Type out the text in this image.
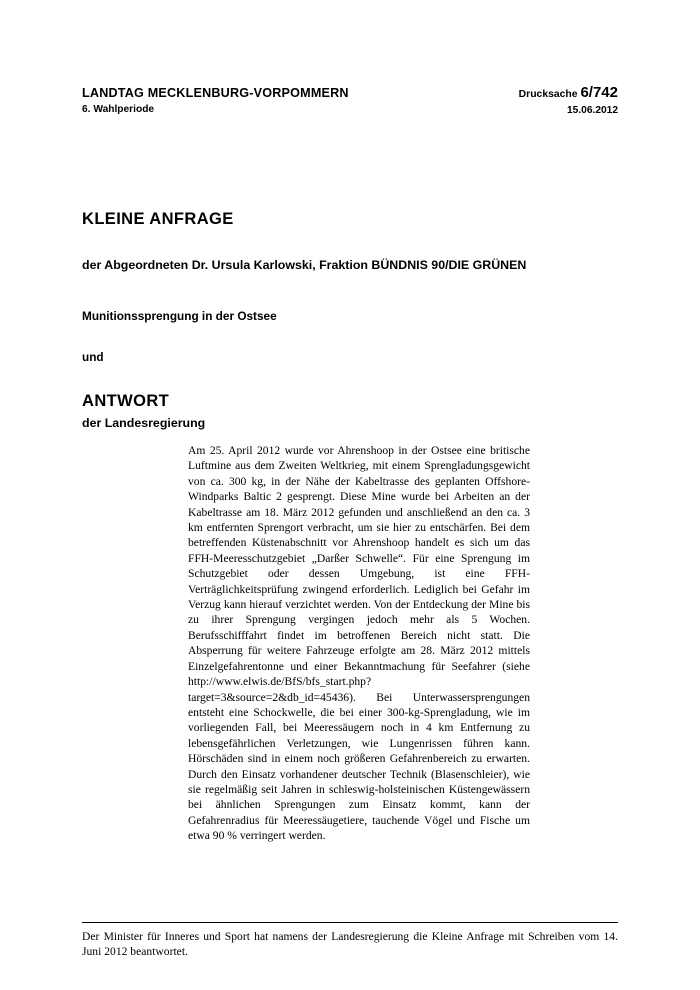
LANDTAG MECKLENBURG-VORPOMMERN
6. Wahlperiode
Drucksache 6/742
15.06.2012
KLEINE ANFRAGE
der Abgeordneten Dr. Ursula Karlowski, Fraktion BÜNDNIS 90/DIE GRÜNEN
Munitionssprengung in der Ostsee
und
ANTWORT
der Landesregierung
Am 25. April 2012 wurde vor Ahrenshoop in der Ostsee eine britische Luftmine aus dem Zweiten Weltkrieg, mit einem Sprengladungsgewicht von ca. 300 kg, in der Nähe der Kabeltrasse des geplanten Offshore-Windparks Baltic 2 gesprengt. Diese Mine wurde bei Arbeiten an der Kabeltrasse am 18. März 2012 gefunden und anschließend an den ca. 3 km entfernten Sprengort verbracht, um sie hier zu entschärfen. Bei dem betreffenden Küstenabschnitt vor Ahrenshoop handelt es sich um das FFH-Meeresschutzgebiet „Darßer Schwelle“. Für eine Sprengung im Schutzgebiet oder dessen Umgebung, ist eine FFH-Verträglichkeitsprüfung zwingend erforderlich. Lediglich bei Gefahr im Verzug kann hierauf verzichtet werden. Von der Entdeckung der Mine bis zu ihrer Sprengung vergingen jedoch mehr als 5 Wochen. Berufsschifffahrt findet im betroffenen Bereich nicht statt. Die Absperrung für weitere Fahrzeuge erfolgte am 28. März 2012 mittels Einzelgefahrentonne und einer Bekanntmachung für Seefahrer (siehe http://www.elwis.de/BfS/bfs_start.php?target=3&source=2&db_id=45436). Bei Unterwassersprengungen entsteht eine Schockwelle, die bei einer 300-kg-Sprengladung, wie im vorliegenden Fall, bei Meeressäugern noch in 4 km Entfernung zu lebensgefährlichen Verletzungen, wie Lungenrissen führen kann. Hörschäden sind in einem noch größeren Gefahrenbereich zu erwarten. Durch den Einsatz vorhandener deutscher Technik (Blasenschleier), wie sie regelmäßig seit Jahren in schleswig-holsteinischen Küstengewässern bei ähnlichen Sprengungen zum Einsatz kommt, kann der Gefahrenradius für Meeressäugetiere, tauchende Vögel und Fische um etwa 90 % verringert werden.
Der Minister für Inneres und Sport hat namens der Landesregierung die Kleine Anfrage mit Schreiben vom 14. Juni 2012 beantwortet.
